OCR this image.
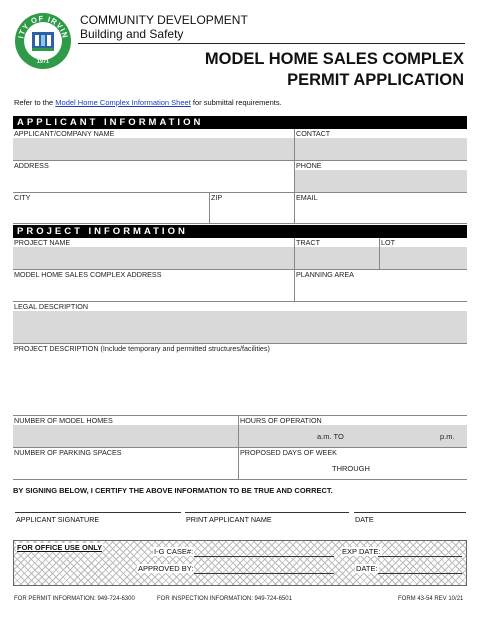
ITY OF IRVIN
1971
COMMUNITY DEVELOPMENT
Building and Safety
MODEL HOME SALES COMPLEX
PERMIT APPLICATION
Refer to the Model Home Complex Information Sheet for submittal requirements.
APPLICANT INFORMATION
APPLICANT/COMPANY NAME	CONTACT
ADDRESS	PHONE
CITY	ZIP	EMAIL
PROJECT INFORMATION
PROJECT NAME	TRACT	LOT
MODEL HOME SALES COMPLEX ADDRESS	PLANNING AREA
LEGAL DESCRIPTION
PROJECT DESCRIPTION (Include temporary and permitted structures/facilities)
NUMBER OF MODEL HOMES	HOURS OF OPERATION
a.m. TO	p.m.
NUMBER OF PARKING SPACES	PROPOSED DAYS OF WEEK
THROUGH
BY SIGNING BELOW, I CERTIFY THE ABOVE INFORMATION TO BE TRUE AND CORRECT.
APPLICANT SIGNATURE	PRINT APPLICANT NAME	DATE
FOR OFFICE USE ONLY	I-G CASE#:	EXP DATE:
APPROVED BY:	DATE:
FOR PERMIT INFORMATION: 949-724-6300	FOR INSPECTION INFORMATION: 949-724-6501	FORM 43-54 REV 10/21
